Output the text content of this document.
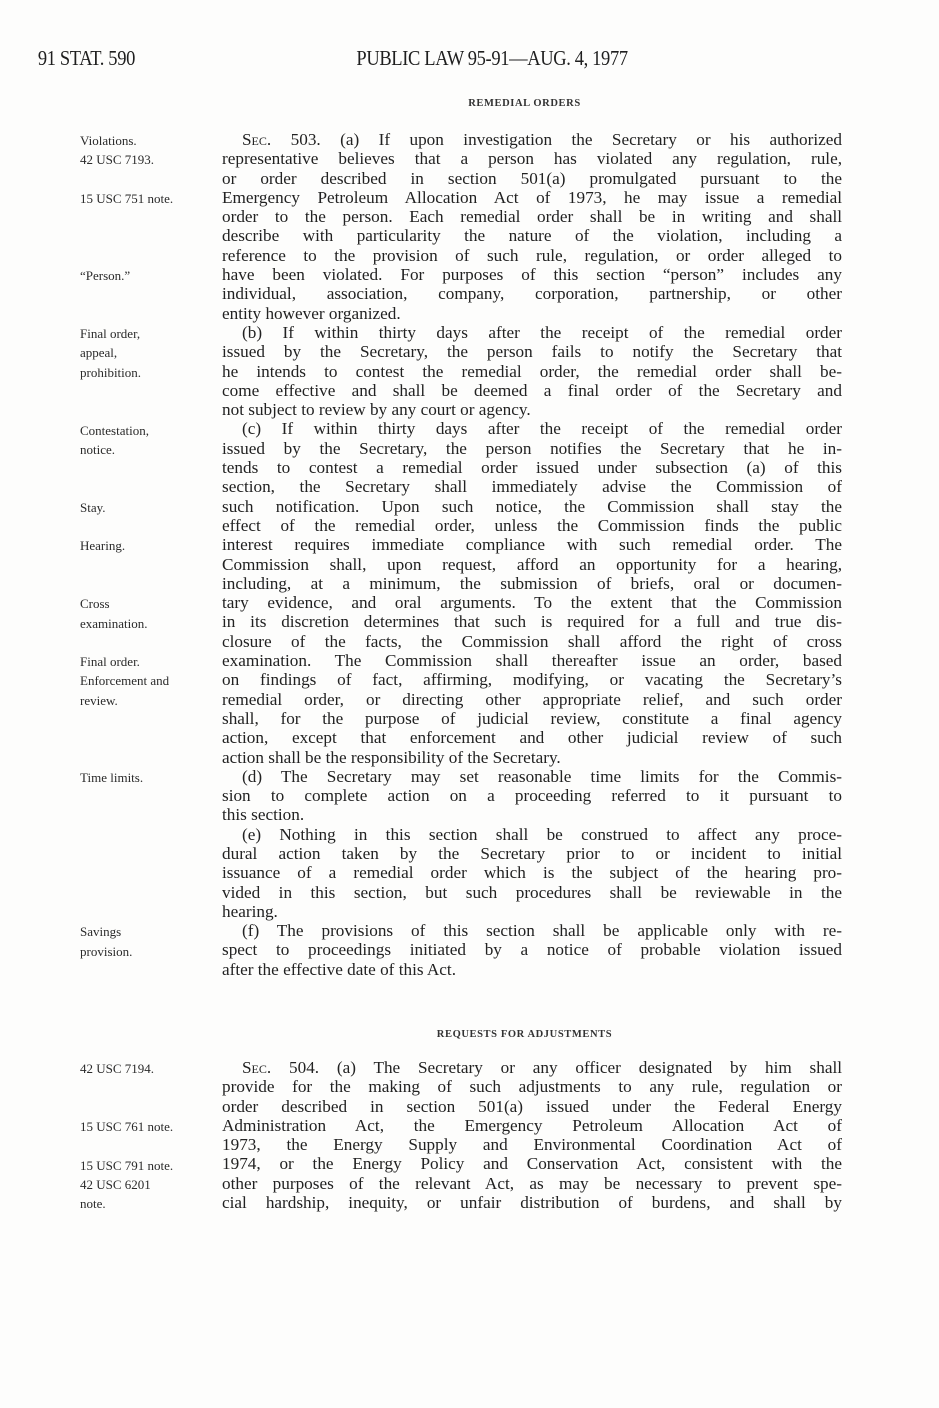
91 STAT. 590	PUBLIC LAW 95-91—AUG. 4, 1977
REMEDIAL ORDERS
Sec. 503. (a) If upon investigation the Secretary or his authorized
representative believes that a person has violated any regulation, rule,
or order described in section 501(a) promulgated pursuant to the
Emergency Petroleum Allocation Act of 1973, he may issue a remedial
order to the person. Each remedial order shall be in writing and shall
describe with particularity the nature of the violation, including a
reference to the provision of such rule, regulation, or order alleged to
have been violated. For purposes of this section “person” includes any
individual, association, company, corporation, partnership, or other
entity however organized.
(b) If within thirty days after the receipt of the remedial order
issued by the Secretary, the person fails to notify the Secretary that
he intends to contest the remedial order, the remedial order shall be-
come effective and shall be deemed a final order of the Secretary and
not subject to review by any court or agency.
(c) If within thirty days after the receipt of the remedial order
issued by the Secretary, the person notifies the Secretary that he in-
tends to contest a remedial order issued under subsection (a) of this
section, the Secretary shall immediately advise the Commission of
such notification. Upon such notice, the Commission shall stay the
effect of the remedial order, unless the Commission finds the public
interest requires immediate compliance with such remedial order. The
Commission shall, upon request, afford an opportunity for a hearing,
including, at a minimum, the submission of briefs, oral or documen-
tary evidence, and oral arguments. To the extent that the Commission
in its discretion determines that such is required for a full and true dis-
closure of the facts, the Commission shall afford the right of cross
examination. The Commission shall thereafter issue an order, based
on findings of fact, affirming, modifying, or vacating the Secretary’s
remedial order, or directing other appropriate relief, and such order
shall, for the purpose of judicial review, constitute a final agency
action, except that enforcement and other judicial review of such
action shall be the responsibility of the Secretary.
(d) The Secretary may set reasonable time limits for the Commis-
sion to complete action on a proceeding referred to it pursuant to
this section.
(e) Nothing in this section shall be construed to affect any proce-
dural action taken by the Secretary prior to or incident to initial
issuance of a remedial order which is the subject of the hearing pro-
vided in this section, but such procedures shall be reviewable in the
hearing.
(f) The provisions of this section shall be applicable only with re-
spect to proceedings initiated by a notice of probable violation issued
after the effective date of this Act.
Violations.
42 USC 7193.
15 USC 751 note.
“Person.”
Final order,
appeal,
prohibition.
Contestation,
notice.
Stay.
Hearing.
Cross
examination.
Final order.
Enforcement and
review.
Time limits.
Savings
provision.
REQUESTS FOR ADJUSTMENTS
Sec. 504. (a) The Secretary or any officer designated by him shall
provide for the making of such adjustments to any rule, regulation or
order described in section 501(a) issued under the Federal Energy
Administration Act, the Emergency Petroleum Allocation Act of
1973, the Energy Supply and Environmental Coordination Act of
1974, or the Energy Policy and Conservation Act, consistent with the
other purposes of the relevant Act, as may be necessary to prevent spe-
cial hardship, inequity, or unfair distribution of burdens, and shall by
42 USC 7194.
15 USC 761 note.
15 USC 791 note.
42 USC 6201
note.
